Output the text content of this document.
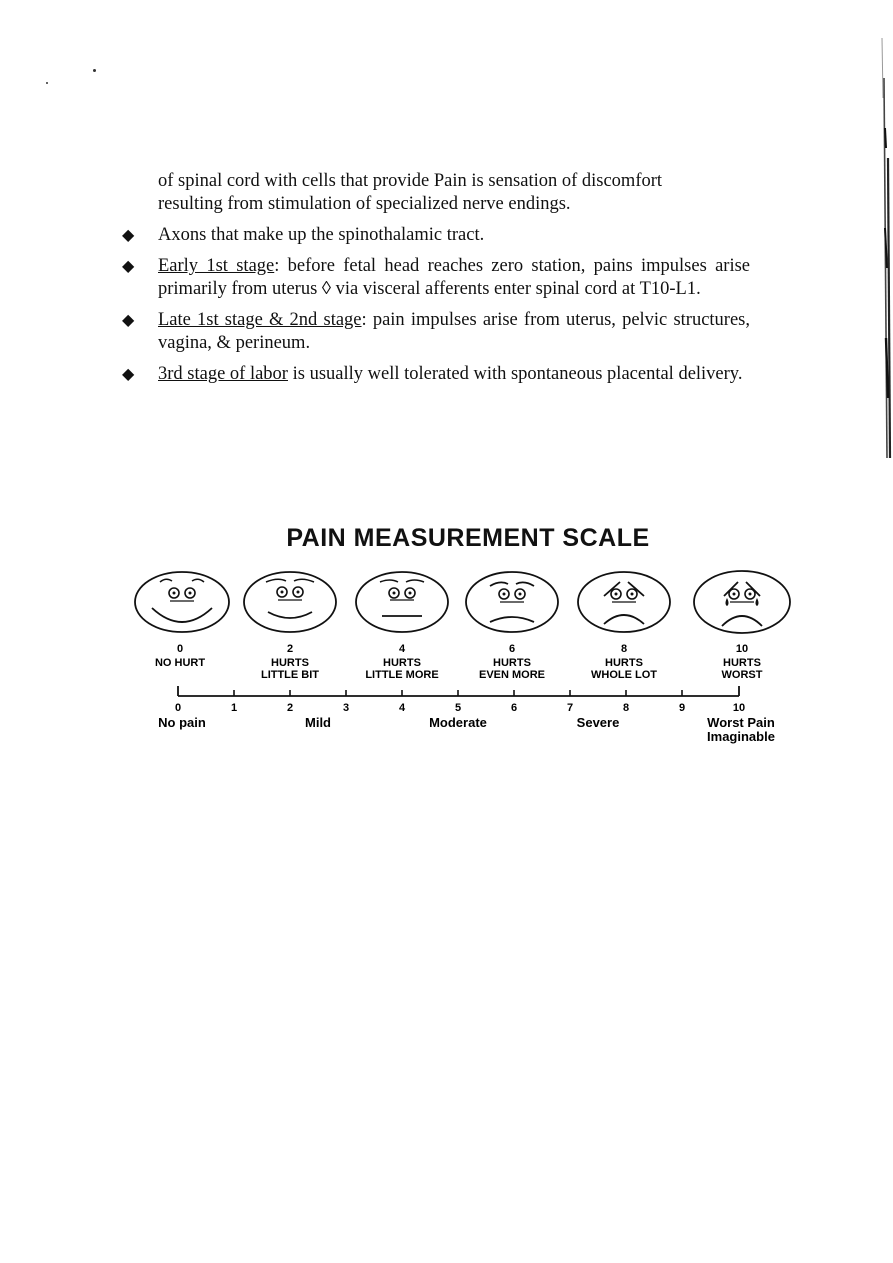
of spinal cord with cells that provide Pain is sensation of discomfort
resulting from stimulation of specialized nerve endings.

◆ Axons that make up the spinothalamic tract.

◆ Early 1st stage: before fetal head reaches zero station, pains impulses arise primarily from uterus ◊ via visceral afferents enter spinal cord at T10-L1.

◆ Late 1st stage & 2nd stage: pain impulses arise from uterus, pelvic structures, vagina, & perineum.

◆ 3rd stage of labor is usually well tolerated with spontaneous placental delivery.

PAIN MEASUREMENT SCALE
0
NO HURT
2
HURTS
LITTLE BIT
4
HURTS
LITTLE MORE
6
HURTS
EVEN MORE
8
HURTS
WHOLE LOT
10
HURTS
WORST
0	1	2	3	4	5	6	7	8	9	10
No pain	Mild	Moderate	Severe	Worst Pain
Imaginable
